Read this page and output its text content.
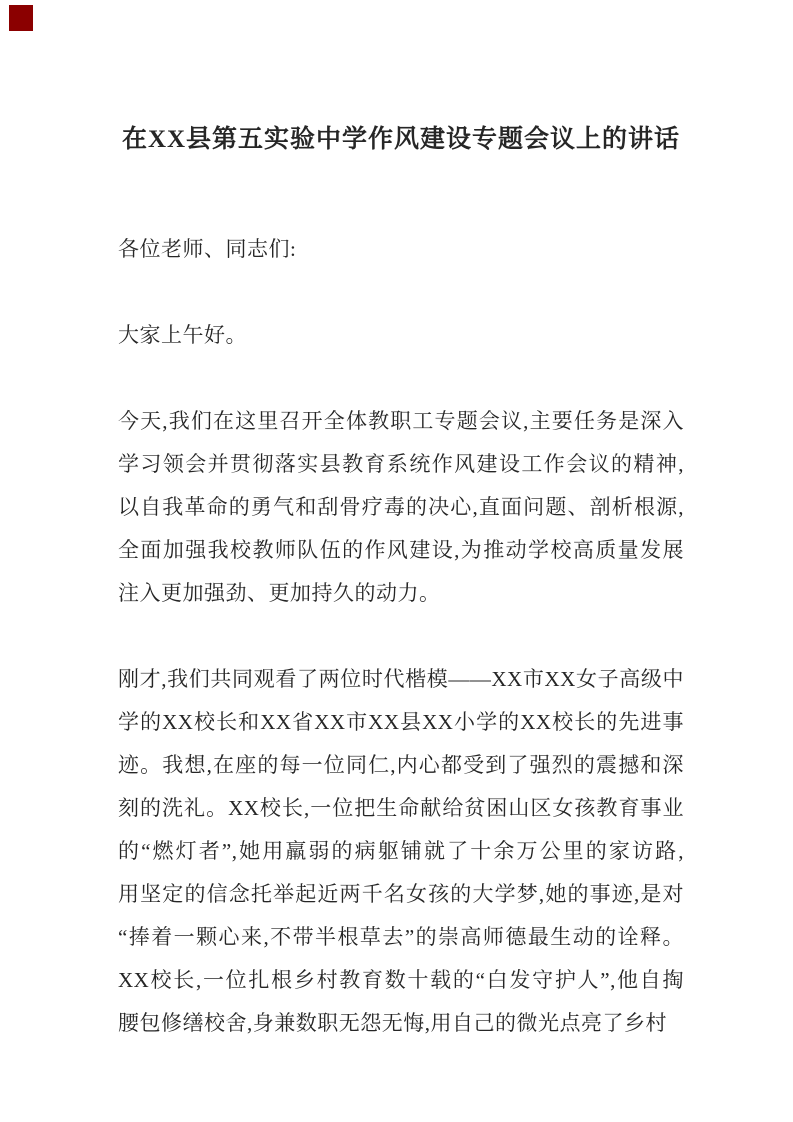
在XX县第五实验中学作风建设专题会议上的讲话
各位老师、同志们:
大家上午好。
今天,我们在这里召开全体教职工专题会议,主要任务是深入
学习领会并贯彻落实县教育系统作风建设工作会议的精神,
以自我革命的勇气和刮骨疗毒的决心,直面问题、剖析根源,
全面加强我校教师队伍的作风建设,为推动学校高质量发展
注入更加强劲、更加持久的动力。
刚才,我们共同观看了两位时代楷模——XX市XX女子高级中
学的XX校长和XX省XX市XX县XX小学的XX校长的先进事
迹。我想,在座的每一位同仁,内心都受到了强烈的震撼和深
刻的洗礼。XX校长,一位把生命献给贫困山区女孩教育事业
的“燃灯者”,她用羸弱的病躯铺就了十余万公里的家访路,
用坚定的信念托举起近两千名女孩的大学梦,她的事迹,是对
“捧着一颗心来,不带半根草去”的崇高师德最生动的诠释。
XX校长,一位扎根乡村教育数十载的“白发守护人”,他自掏
腰包修缮校舍,身兼数职无怨无悔,用自己的微光点亮了乡村
